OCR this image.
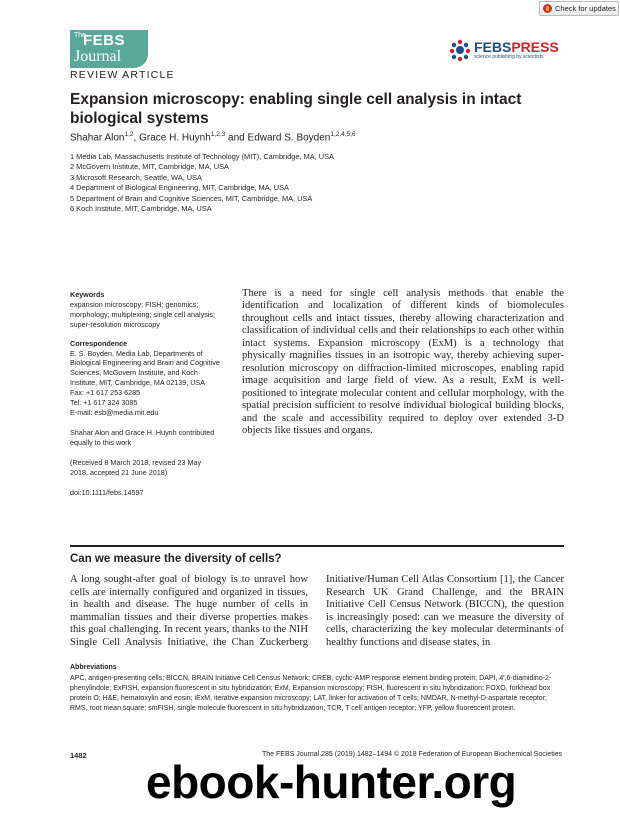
Check for updates
The
FEBS
Journal
REVIEW ARTICLE
FEBSPRESS
science publishing by scientists
Expansion microscopy: enabling single cell analysis in intact biological systems
Shahar Alon$^{1,2}$, Grace H. Huynh$^{1,2,3}$ and Edward S. Boyden$^{1,2,4,5,6}$
1 Media Lab, Massachusetts Institute of Technology (MIT), Cambridge, MA, USA
2 McGovern Institute, MIT, Cambridge, MA, USA
3 Microsoft Research, Seattle, WA, USA
4 Department of Biological Engineering, MIT, Cambridge, MA, USA
5 Department of Brain and Cognitive Sciences, MIT, Cambridge, MA, USA
6 Koch Institute, MIT, Cambridge, MA, USA

Keywords

expansion microscopy; FISH; genomics; morphology; multiplexing; single cell analysis; super-resolution microscopy

Correspondence

E. S. Boyden, Media Lab, Departments of Biological Engineering and Brain and Cognitive Sciences, McGovern Institute, and Koch Institute, MIT, Cambridge, MA 02139, USA

Fax: +1 617 253 6285

Tel: +1 617 324 3085

E-mail: esb@media.mit.edu

Shahar Alon and Grace H. Huynh contributed equally to this work

(Received 8 March 2018, revised 23 May 2018, accepted 21 June 2018)

doi:10.1111/febs.14597

There is a need for single cell analysis methods that enable the identification and localization of different kinds of biomolecules throughout cells and intact tissues, thereby allowing characterization and classification of individual cells and their relationships to each other within intact systems. Expansion microscopy (ExM) is a technology that physically magnifies tissues in an isotropic way, thereby achieving super-resolution microscopy on diffraction-limited microscopes, enabling rapid image acquisition and large field of view. As a result, ExM is well-positioned to integrate molecular content and cellular morphology, with the spatial precision sufficient to resolve individual biological building blocks, and the scale and accessibility required to deploy over extended 3-D objects like tissues and organs.
Can we measure the diversity of cells?
A long sought-after goal of biology is to unravel how cells are internally configured and organized in tissues, in health and disease. The huge number of cells in mammalian tissues and their diverse properties makes this goal challenging. In recent years, thanks to the NIH Single Cell Analysis Initiative, the Chan Zuckerberg Initiative/Human Cell Atlas Consortium [1], the Cancer Research UK Grand Challenge, and the BRAIN Initiative Cell Census Network (BICCN), the question is increasingly posed: can we measure the diversity of cells, characterizing the key molecular determinants of healthy functions and disease states, in
Abbreviations
APC, antigen-presenting cells; BICCN, BRAIN Initiative Cell Census Network; CREB, cyclic-AMP response element binding protein; DAPI, 4′,6-diamidino-2-phenylindole; ExFISH, expansion fluorescent in situ hybridization; ExM, Expansion microscopy; FISH, fluorescent in situ hybridization; FOXO, forkhead box protein O; H&E, hematoxylin and eosin; iExM, iterative expansion microscopy; LAT, linker for activation of T cells; NMDAR, N-methyl-D-aspartate receptor; RMS, root mean square; smFISH, single molecule fluorescent in situ hybridization; TCR, T cell antigen receptor; YFP, yellow fluorescent protein.
1482	The FEBS Journal 285 (2019) 1482–1494 © 2018 Federation of European Biochemical Societies
ebook-hunter.org
